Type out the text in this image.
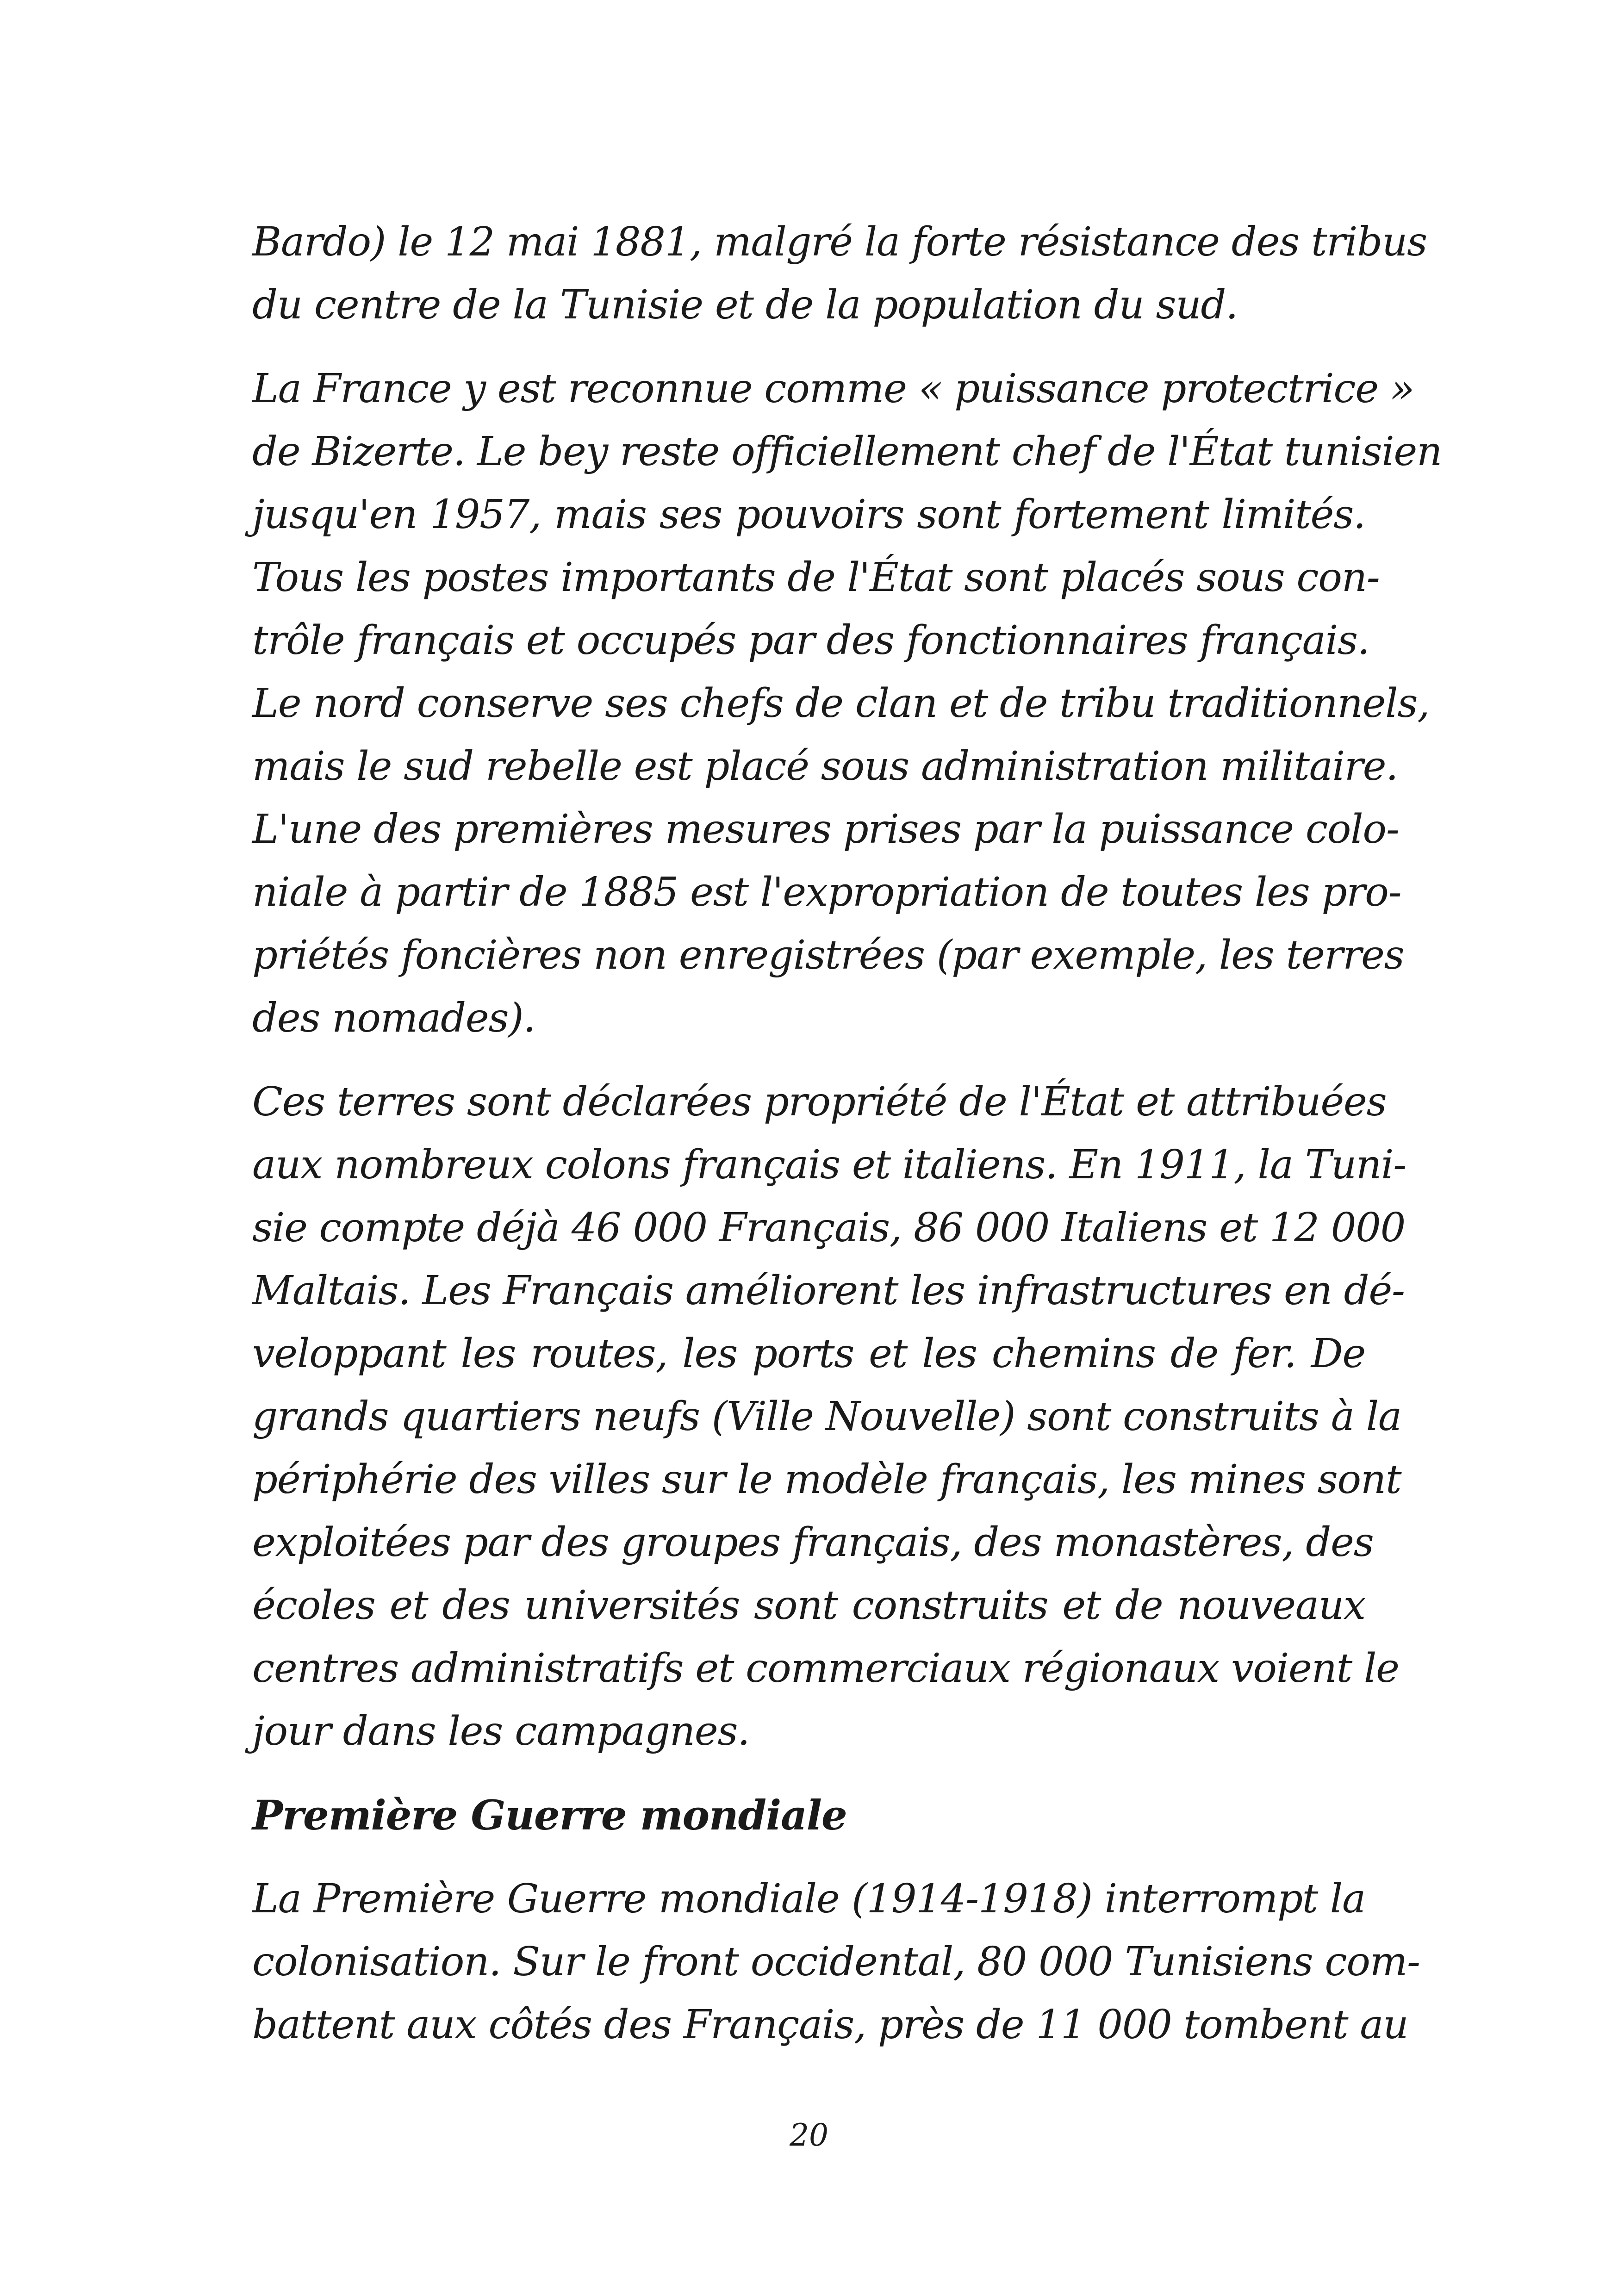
Bardo) le 12 mai 1881, malgré la forte résistance des tribus
du centre de la Tunisie et de la population du sud.

La France y est reconnue comme « puissance protectrice »
de Bizerte. Le bey reste officiellement chef de l'État tunisien
jusqu'en 1957, mais ses pouvoirs sont fortement limités.
Tous les postes importants de l'État sont placés sous con-
trôle français et occupés par des fonctionnaires français.
Le nord conserve ses chefs de clan et de tribu traditionnels,
mais le sud rebelle est placé sous administration militaire.
L'une des premières mesures prises par la puissance colo-
niale à partir de 1885 est l'expropriation de toutes les pro-
priétés foncières non enregistrées (par exemple, les terres
des nomades).

Ces terres sont déclarées propriété de l'État et attribuées
aux nombreux colons français et italiens. En 1911, la Tuni-
sie compte déjà 46 000 Français, 86 000 Italiens et 12 000
Maltais. Les Français améliorent les infrastructures en dé-
veloppant les routes, les ports et les chemins de fer. De
grands quartiers neufs (Ville Nouvelle) sont construits à la
périphérie des villes sur le modèle français, les mines sont
exploitées par des groupes français, des monastères, des
écoles et des universités sont construits et de nouveaux
centres administratifs et commerciaux régionaux voient le
jour dans les campagnes.

Première Guerre mondiale

La Première Guerre mondiale (1914-1918) interrompt la
colonisation. Sur le front occidental, 80 000 Tunisiens com-
battent aux côtés des Français, près de 11 000 tombent au

20
